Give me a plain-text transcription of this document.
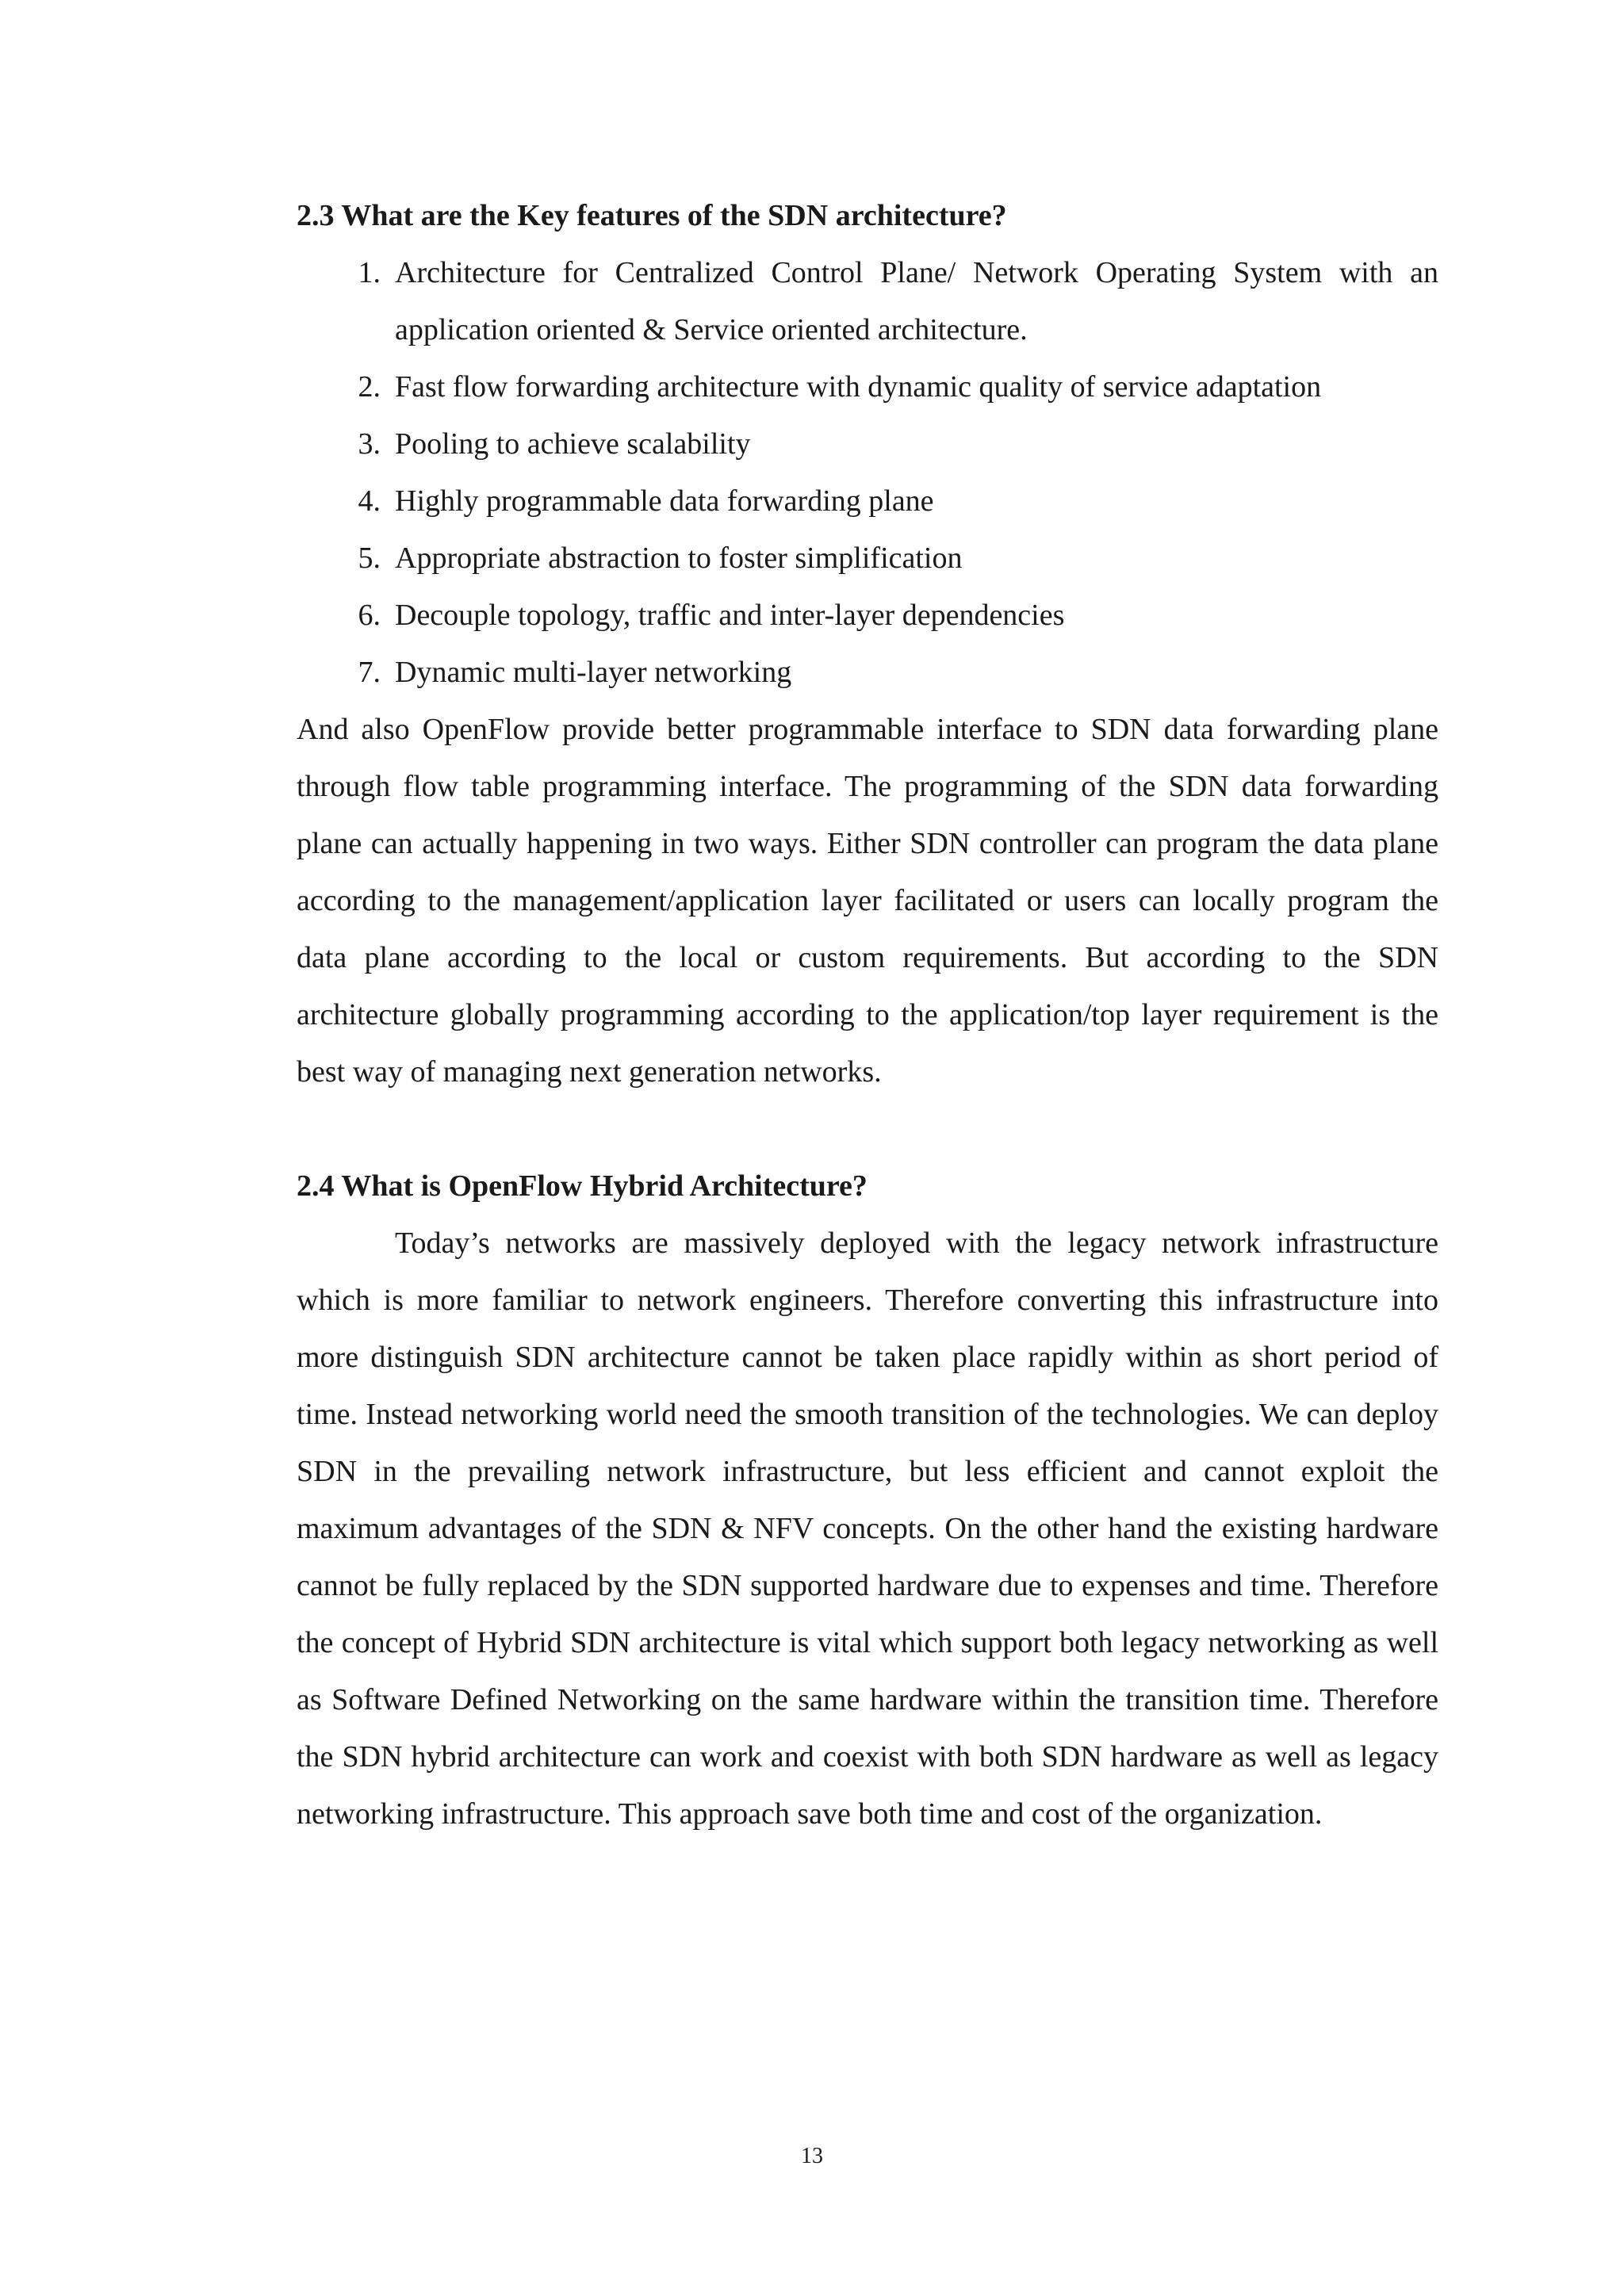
2.3 What are the Key features of the SDN architecture?
1. Architecture for Centralized Control Plane/ Network Operating System with an application oriented & Service oriented architecture.
2. Fast flow forwarding architecture with dynamic quality of service adaptation
3. Pooling to achieve scalability
4. Highly programmable data forwarding plane
5. Appropriate abstraction to foster simplification
6. Decouple topology, traffic and inter-layer dependencies
7. Dynamic multi-layer networking

And also OpenFlow provide better programmable interface to SDN data forwarding plane through flow table programming interface. The programming of the SDN data forwarding plane can actually happening in two ways. Either SDN controller can program the data plane according to the management/application layer facilitated or users can locally program the data plane according to the local or custom requirements. But according to the SDN architecture globally programming according to the application/top layer requirement is the best way of managing next generation networks.

2.4 What is OpenFlow Hybrid Architecture?

Today’s networks are massively deployed with the legacy network infrastructure which is more familiar to network engineers. Therefore converting this infrastructure into more distinguish SDN architecture cannot be taken place rapidly within as short period of time. Instead networking world need the smooth transition of the technologies. We can deploy SDN in the prevailing network infrastructure, but less efficient and cannot exploit the maximum advantages of the SDN & NFV concepts. On the other hand the existing hardware cannot be fully replaced by the SDN supported hardware due to expenses and time. Therefore the concept of Hybrid SDN architecture is vital which support both legacy networking as well as Software Defined Networking on the same hardware within the transition time. Therefore the SDN hybrid architecture can work and coexist with both SDN hardware as well as legacy networking infrastructure. This approach save both time and cost of the organization.

13
